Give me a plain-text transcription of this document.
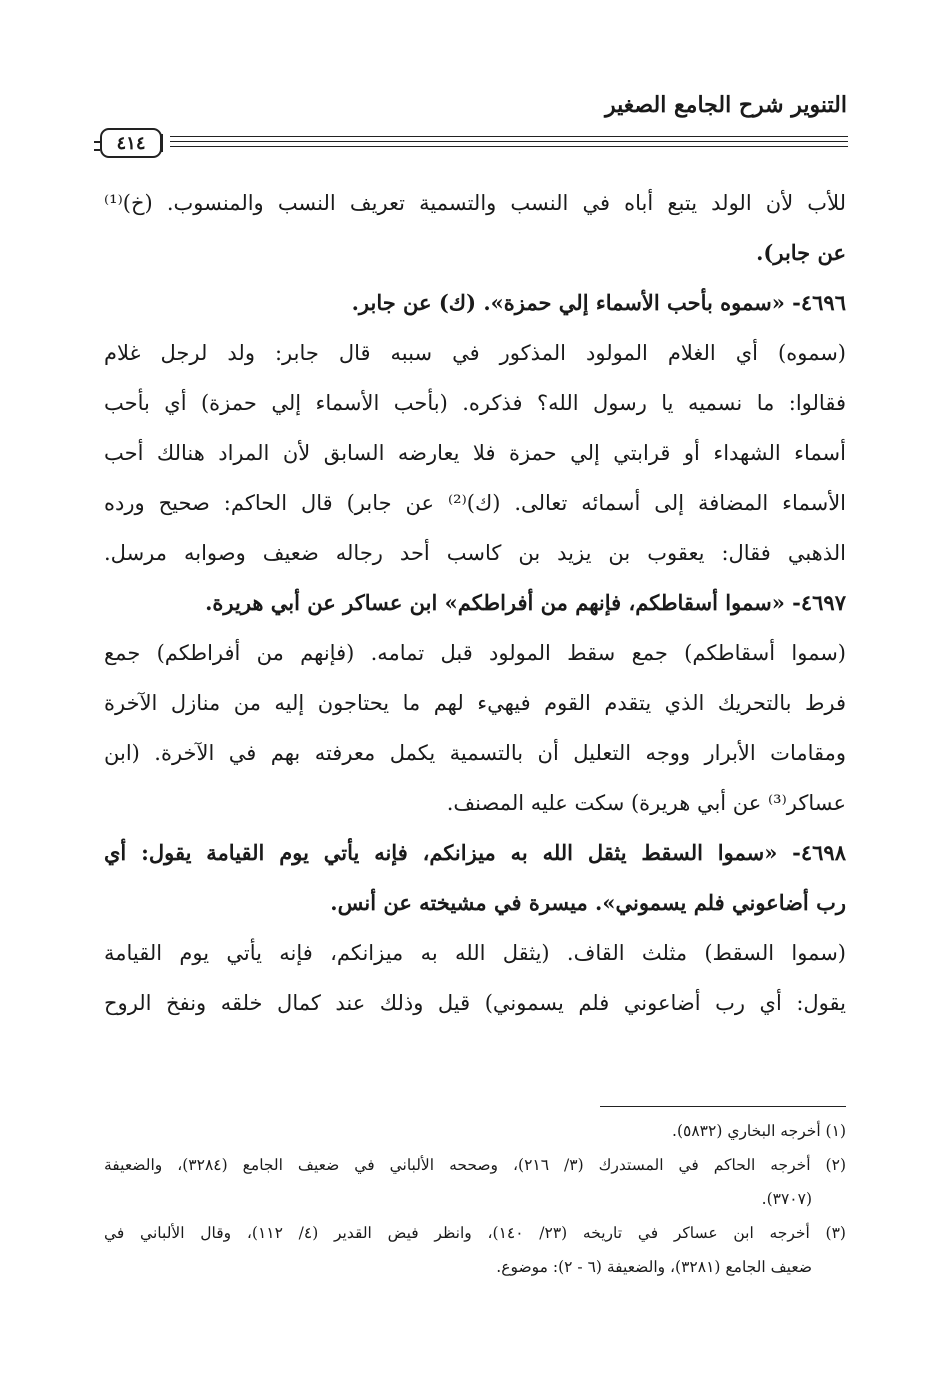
التنوير شرح الجامع الصغير
٤١٤
للأب لأن الولد يتبع أباه في النسب والتسمية تعريف النسب والمنسوب. (خ)⁽¹⁾
عن جابر).
٤٦٩٦- «سموه بأحب الأسماء إلي حمزة». (ك) عن جابر.
(سموه) أي الغلام المولود المذكور في سببه قال جابر: ولد لرجل غلام
فقالوا: ما نسميه يا رسول الله؟ فذكره. (بأحب الأسماء إلي حمزة) أي بأحب
أسماء الشهداء أو قرابتي إلي حمزة فلا يعارضه السابق لأن المراد هنالك أحب
الأسماء المضافة إلى أسمائه تعالى. (ك)⁽²⁾ عن جابر) قال الحاكم: صحيح ورده
الذهبي فقال: يعقوب بن يزيد بن كاسب أحد رجاله ضعيف وصوابه مرسل.
٤٦٩٧- «سموا أسقاطكم، فإنهم من أفراطكم» ابن عساكر عن أبي هريرة.
(سموا أسقاطكم) جمع سقط المولود قبل تمامه. (فإنهم من أفراطكم) جمع
فرط بالتحريك الذي يتقدم القوم فيهيء لهم ما يحتاجون إليه من منازل الآخرة
ومقامات الأبرار ووجه التعليل أن بالتسمية يكمل معرفته بهم في الآخرة. (ابن
عساكر⁽³⁾ عن أبي هريرة) سكت عليه المصنف.
٤٦٩٨- «سموا السقط يثقل الله به ميزانكم، فإنه يأتي يوم القيامة يقول: أي
رب أضاعوني فلم يسموني». ميسرة في مشيخته عن أنس.
(سموا السقط) مثلث القاف. (يثقل الله به ميزانكم، فإنه يأتي يوم القيامة
يقول: أي رب أضاعوني فلم يسموني) قيل وذلك عند كمال خلقه ونفخ الروح
(١) أخرجه البخاري (٥٨٣٢).
(٢) أخرجه الحاكم في المستدرك (٣/ ٢١٦)، وصححه الألباني في ضعيف الجامع (٣٢٨٤)، والضعيفة
(٣٧٠٧).
(٣) أخرجه ابن عساكر في تاريخه (٢٣/ ١٤٠)، وانظر فيض القدير (٤/ ١١٢)، وقال الألباني في
ضعيف الجامع (٣٢٨١)، والضعيفة (٦ - ٢): موضوع.
